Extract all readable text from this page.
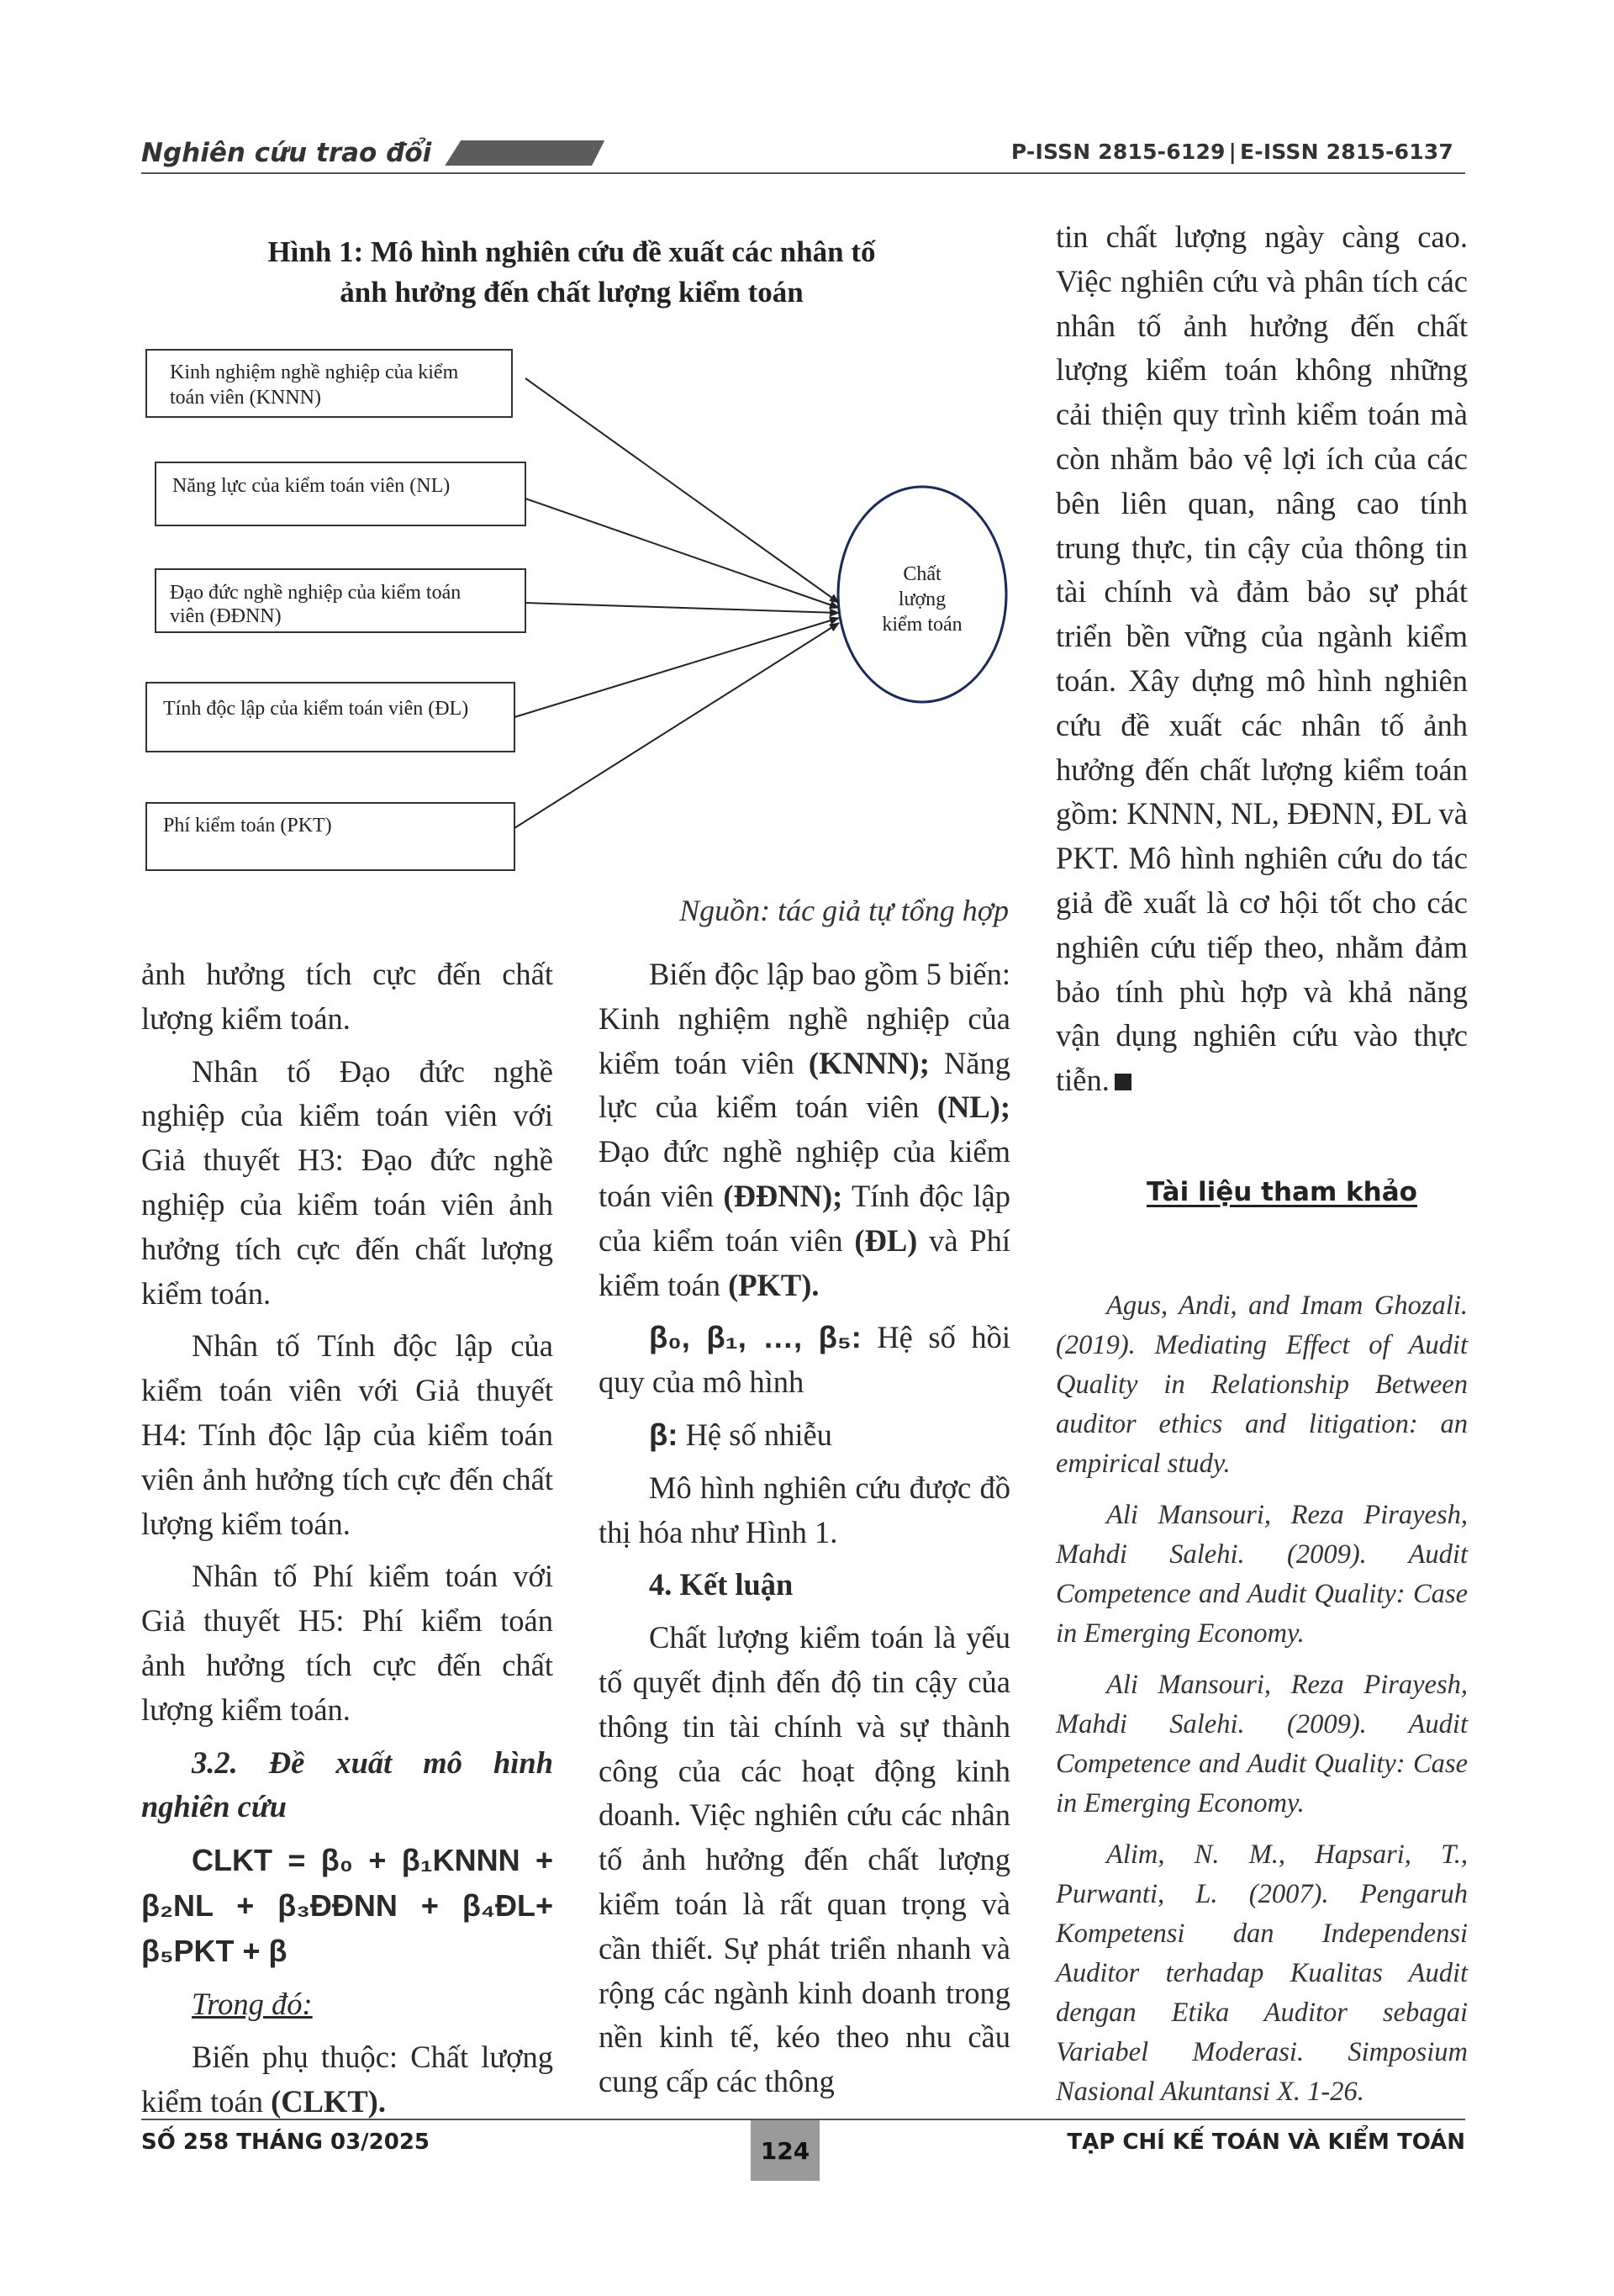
Nghiên cứu trao đổi	P-ISSN 2815-6129 | E-ISSN 2815-6137
Hình 1: Mô hình nghiên cứu đề xuất các nhân tố
ảnh hưởng đến chất lượng kiểm toán
Kinh nghiệm nghề nghiệp của kiểm
toán viên (KNNN)
Năng lực của kiểm toán viên (NL)
Đạo đức nghề nghiệp của kiểm toán
viên (ĐĐNN)
Tính độc lập của kiểm toán viên (ĐL)
Phí kiểm toán (PKT)
Chất
lượng
kiểm toán
Nguồn: tác giả tự tổng hợp

ảnh hưởng tích cực đến chất lượng kiểm toán.

Nhân tố Đạo đức nghề nghiệp của kiểm toán viên với Giả thuyết H3: Đạo đức nghề nghiệp của kiểm toán viên ảnh hưởng tích cực đến chất lượng kiểm toán.

Nhân tố Tính độc lập của kiểm toán viên với Giả thuyết H4: Tính độc lập của kiểm toán viên ảnh hưởng tích cực đến chất lượng kiểm toán.

Nhân tố Phí kiểm toán với Giả thuyết H5: Phí kiểm toán ảnh hưởng tích cực đến chất lượng kiểm toán.

3.2. Đề xuất mô hình nghiên cứu

CLKT = β₀ + β₁KNNN + β₂NL + β₃ĐĐNN + β₄ĐL+ β₅PKT + β

Trong đó:

Biến phụ thuộc: Chất lượng kiểm toán (CLKT).

Biến độc lập bao gồm 5 biến: Kinh nghiệm nghề nghiệp của kiểm toán viên (KNNN); Năng lực của kiểm toán viên (NL); Đạo đức nghề nghiệp của kiểm toán viên (ĐĐNN); Tính độc lập của kiểm toán viên (ĐL) và Phí kiểm toán (PKT).

β₀, β₁, …, β₅: Hệ số hồi quy của mô hình

β: Hệ số nhiễu

Mô hình nghiên cứu được đồ thị hóa như Hình 1.

4. Kết luận

Chất lượng kiểm toán là yếu tố quyết định đến độ tin cậy của thông tin tài chính và sự thành công của các hoạt động kinh doanh. Việc nghiên cứu các nhân tố ảnh hưởng đến chất lượng kiểm toán là rất quan trọng và cần thiết. Sự phát triển nhanh và rộng các ngành kinh doanh trong nền kinh tế, kéo theo nhu cầu cung cấp các thông

tin chất lượng ngày càng cao. Việc nghiên cứu và phân tích các nhân tố ảnh hưởng đến chất lượng kiểm toán không những cải thiện quy trình kiểm toán mà còn nhằm bảo vệ lợi ích của các bên liên quan, nâng cao tính trung thực, tin cậy của thông tin tài chính và đảm bảo sự phát triển bền vững của ngành kiểm toán. Xây dựng mô hình nghiên cứu đề xuất các nhân tố ảnh hưởng đến chất lượng kiểm toán gồm: KNNN, NL, ĐĐNN, ĐL và PKT. Mô hình nghiên cứu do tác giả đề xuất là cơ hội tốt cho các nghiên cứu tiếp theo, nhằm đảm bảo tính phù hợp và khả năng vận dụng nghiên cứu vào thực tiễn.

Tài liệu tham khảo

Agus, Andi, and Imam Ghozali. (2019). Mediating Effect of Audit Quality in Relationship Between auditor ethics and litigation: an empirical study.

Ali Mansouri, Reza Pirayesh, Mahdi Salehi. (2009). Audit Competence and Audit Quality: Case in Emerging Economy.

Ali Mansouri, Reza Pirayesh, Mahdi Salehi. (2009). Audit Competence and Audit Quality: Case in Emerging Economy.

Alim, N. M., Hapsari, T., Purwanti, L. (2007). Pengaruh Kompetensi dan Independensi Auditor terhadap Kualitas Audit dengan Etika Auditor sebagai Variabel Moderasi. Simposium Nasional Akuntansi X. 1-26.

SỐ 258 THÁNG 03/2025	124	TẠP CHÍ KẾ TOÁN VÀ KIỂM TOÁN
